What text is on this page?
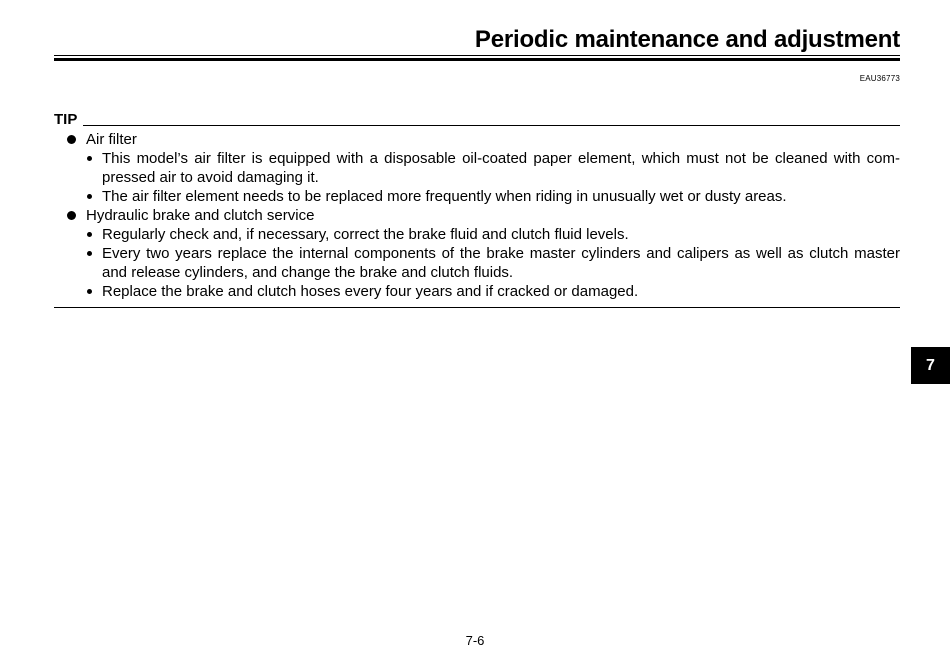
Periodic maintenance and adjustment
EAU36773
TIP
Air filter
This model’s air filter is equipped with a disposable oil-coated paper element, which must not be cleaned with com-pressed air to avoid damaging it.
The air filter element needs to be replaced more frequently when riding in unusually wet or dusty areas.
Hydraulic brake and clutch service
Regularly check and, if necessary, correct the brake fluid and clutch fluid levels.
Every two years replace the internal components of the brake master cylinders and calipers as well as clutch master and release cylinders, and change the brake and clutch fluids.
Replace the brake and clutch hoses every four years and if cracked or damaged.
7
7-6
